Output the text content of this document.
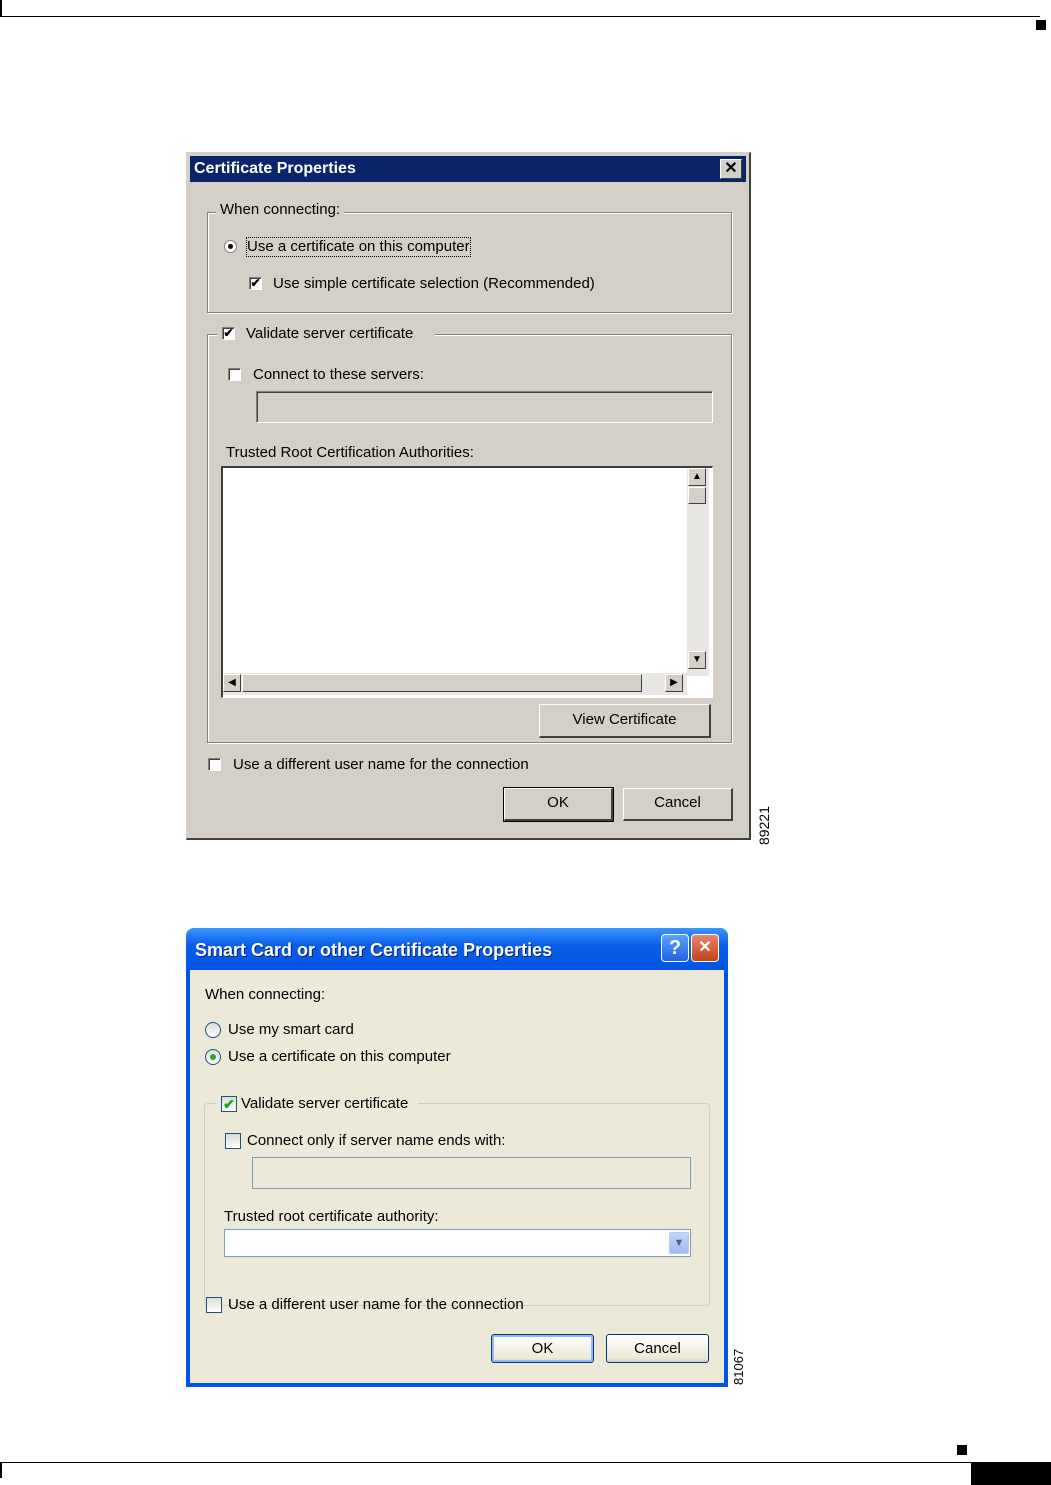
Certificate Properties	✕
When connecting:
Use a certificate on this computer
✔ Use simple certificate selection (Recommended)
✔ Validate server certificate
Connect to these servers:
Trusted Root Certification Authorities:
▲
▼
◀	▶
View Certificate
Use a different user name for the connection
OK	Cancel
89221
Smart Card or other Certificate Properties	?	✕
When connecting:
Use my smart card
Use a certificate on this computer
✔ Validate server certificate
Connect only if server name ends with:
Trusted root certificate authority:
▼
Use a different user name for the connection
OK	Cancel
81067
